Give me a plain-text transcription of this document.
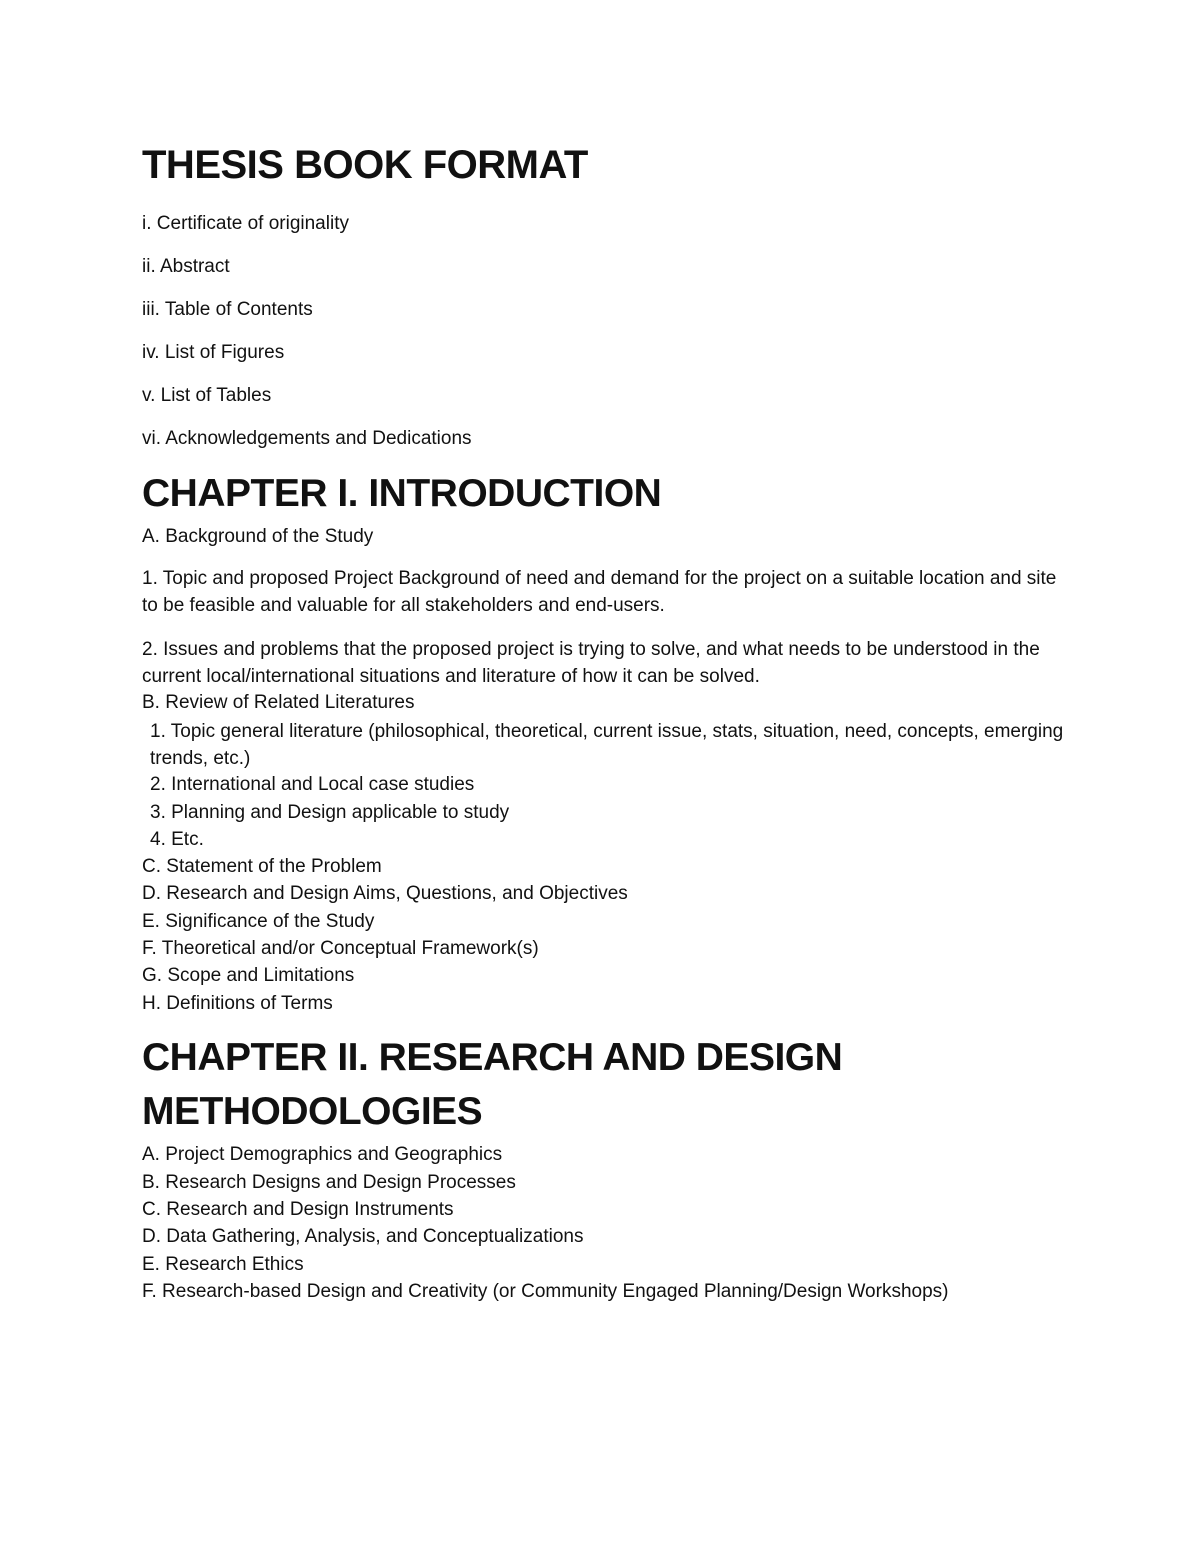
THESIS BOOK FORMAT

i. Certificate of originality

ii. Abstract

iii. Table of Contents

iv. List of Figures

v. List of Tables

vi. Acknowledgements and Dedications

CHAPTER I. INTRODUCTION

A. Background of the Study

1. Topic and proposed Project Background of need and demand for the project on a suitable location and site to be feasible and valuable for all stakeholders and end-users.

2. Issues and problems that the proposed project is trying to solve, and what needs to be understood in the current local/international situations and literature of how it can be solved.

B. Review of Related Literatures

1. Topic general literature (philosophical, theoretical, current issue, stats, situation, need, concepts, emerging trends, etc.)

2. International and Local case studies

3. Planning and Design applicable to study

4. Etc.

C. Statement of the Problem

D. Research and Design Aims, Questions, and Objectives

E. Significance of the Study

F. Theoretical and/or Conceptual Framework(s)

G. Scope and Limitations

H. Definitions of Terms

CHAPTER II. RESEARCH AND DESIGN
METHODOLOGIES

A. Project Demographics and Geographics

B. Research Designs and Design Processes

C. Research and Design Instruments

D. Data Gathering, Analysis, and Conceptualizations

E. Research Ethics

F. Research-based Design and Creativity (or Community Engaged Planning/Design Workshops)
